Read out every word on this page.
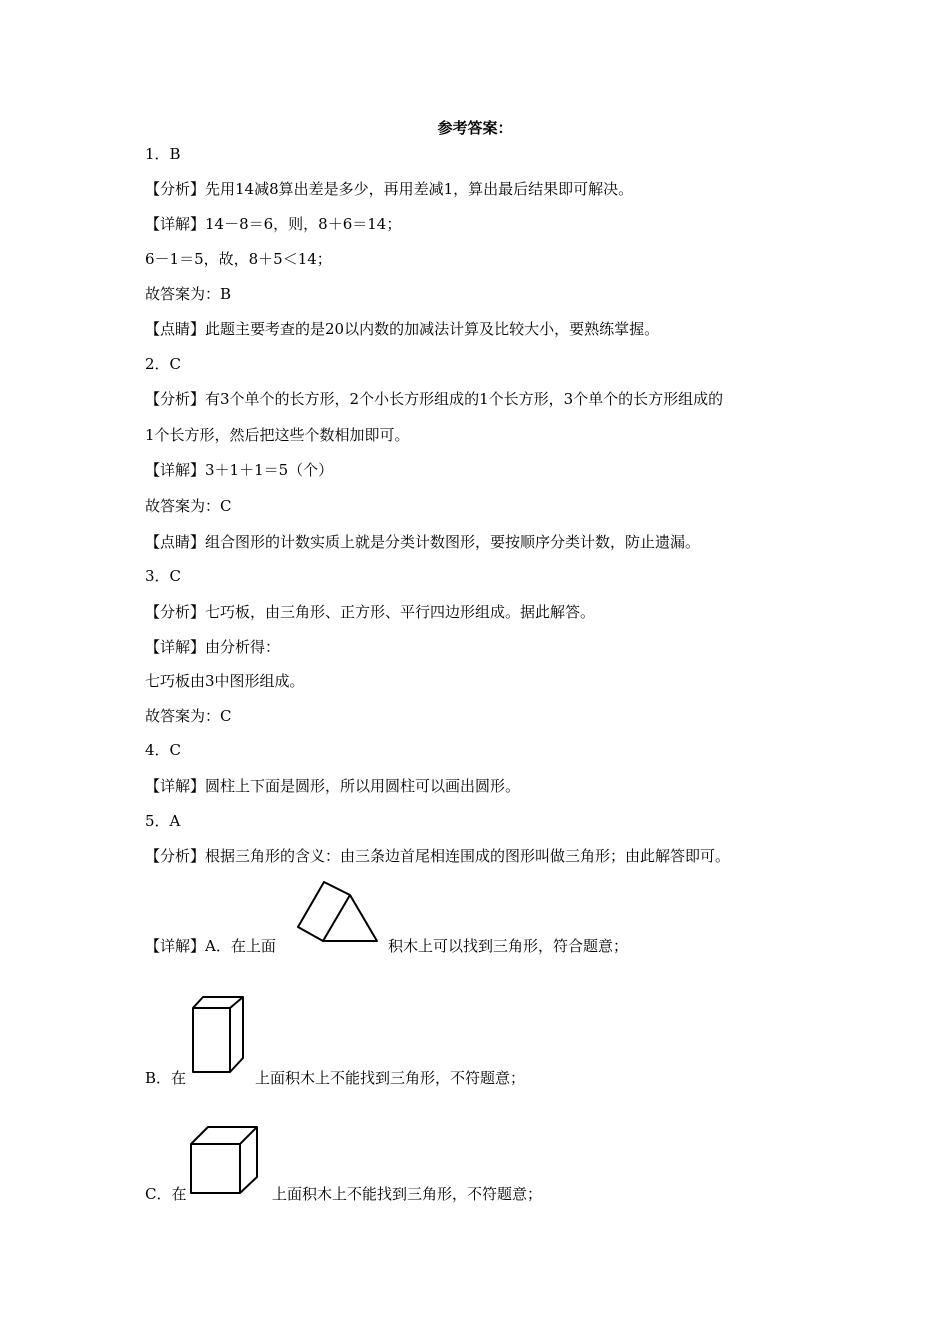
参考答案：
1．B
【分析】先用14减8算出差是多少，再用差减1，算出最后结果即可解决。
【详解】14－8＝6，则，8＋6＝14；
6－1＝5，故，8＋5＜14；
故答案为：B
【点睛】此题主要考查的是20以内数的加减法计算及比较大小，要熟练掌握。
2．C
【分析】有3个单个的长方形，2个小长方形组成的1个长方形，3个单个的长方形组成的
1个长方形，然后把这些个数相加即可。
【详解】3＋1＋1＝5（个）
故答案为：C
【点睛】组合图形的计数实质上就是分类计数图形，要按顺序分类计数，防止遗漏。
3．C
【分析】七巧板，由三角形、正方形、平行四边形组成。据此解答。
【详解】由分析得：
七巧板由3中图形组成。
故答案为：C
4．C
【详解】圆柱上下面是圆形，所以用圆柱可以画出圆形。
5．A
【分析】根据三角形的含义：由三条边首尾相连围成的图形叫做三角形；由此解答即可。
【详解】A．在上面	积木上可以找到三角形，符合题意；
B．在	上面积木上不能找到三角形，不符题意；
C．在	上面积木上不能找到三角形，不符题意；
